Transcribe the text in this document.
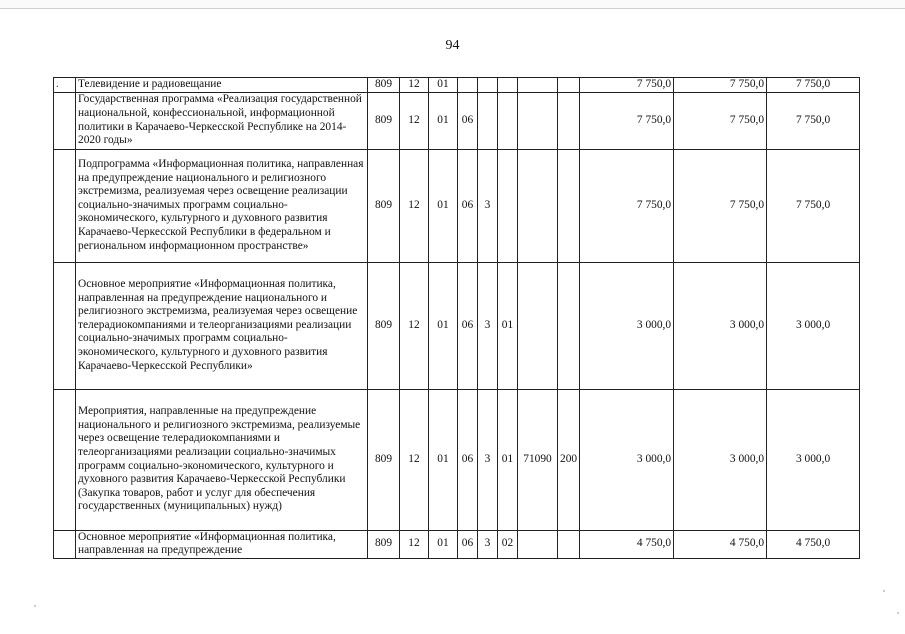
94
.	Телевидение и радиовещание	809	12	01						7 750,0	7 750,0	7 750,0
	Государственная программа «Реализация государственной национальной, конфессиональной, информационной политики в Карачаево-Черкесской Республике на 2014-2020 годы»	809	12	01	06					7 750,0	7 750,0	7 750,0
	Подпрограмма «Информационная политика, направленная на предупреждение национального и религиозного экстремизма, реализуемая через освещение реализации социально-значимых программ социально-экономического, культурного и духовного развития Карачаево-Черкесской Республики в федеральном и региональном информационном пространстве»	809	12	01	06	3				7 750,0	7 750,0	7 750,0
	Основное мероприятие «Информационная политика, направленная на предупреждение национального и религиозного экстремизма, реализуемая через освещение телерадиокомпаниями и телеорганизациями реализации социально-значимых программ социально-экономического, культурного и духовного развития Карачаево-Черкесской Республики»	809	12	01	06	3	01			3 000,0	3 000,0	3 000,0
	Мероприятия, направленные на предупреждение национального и религиозного экстремизма, реализуемые через освещение телерадиокомпаниями и телеорганизациями реализации социально-значимых программ социально-экономического, культурного и духовного развития Карачаево-Черкесской Республики (Закупка товаров, работ и услуг для обеспечения государственных (муниципальных) нужд)	809	12	01	06	3	01	71090	200	3 000,0	3 000,0	3 000,0
	Основное мероприятие «Информационная политика, направленная на предупреждение	809	12	01	06	3	02			4 750,0	4 750,0	4 750,0
